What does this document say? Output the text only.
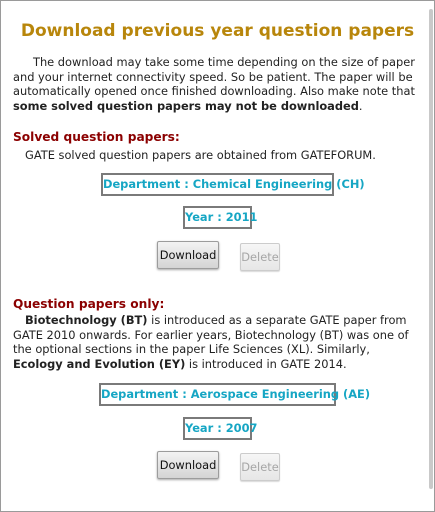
Download previous year question papers
The download may take some time depending on the size of paper and your internet connectivity speed. So be patient. The paper will be automatically opened once finished downloading. Also make note that some solved question papers may not be downloaded.
Solved question papers:
GATE solved question papers are obtained from GATEFORUM.
Department : Chemical Engineering (CH)
Year : 2011
Download Delete
Question papers only:
Biotechnology (BT) is introduced as a separate GATE paper from GATE 2010 onwards. For earlier years, Biotechnology (BT) was one of the optional sections in the paper Life Sciences (XL). Similarly, Ecology and Evolution (EY) is introduced in GATE 2014.
Department : Aerospace Engineering (AE)
Year : 2007
Download Delete
